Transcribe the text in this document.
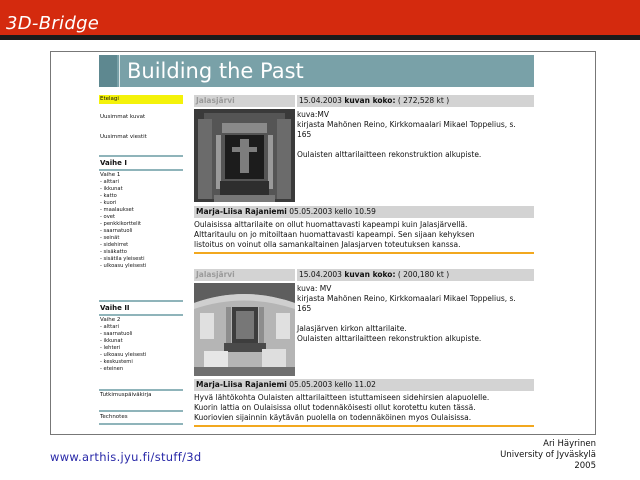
3D-Bridge
Building the Past
Etelagi
Uusimmat kuvat
Uusimmat viestit
Vaihe I
Vaihe 1
- alttari
- ikkunat
- katto
- kuori
- maalaukset
- ovet
- penkkikorttelit
- saarnatuoli
- seinät
- sidehirret
- sisäkatto
- sisätila yleisesti
- ulkoasu yleisesti
Vaihe II
Vaihe 2
- alttari
- saarnatuoli
- ikkunat
- lehteri
- ulkoasu yleisesti
- keskustemi
- eteinen
Tutkimuspäiväkirja
Technotes
Jalasjärvi	15.04.2003 kuvan koko: ( 272,528 kt )
kuva:MV
kirjasta Mahönen Reino, Kirkkomaalari Mikael Toppelius, s.
165
Oulaisten alttarilaitteen rekonstruktion alkupiste.
Marja-Liisa Rajaniemi 05.05.2003 kello 10.59
Oulaisissa alttarilaite on ollut huomattavasti kapeampi kuin Jalasjärvellä.
Alttaritaulu on jo mitoiltaan huomattavasti kapeampi. Sen sijaan kehyksen
listoitus on voinut olla samankaltainen Jalasjarven toteutuksen kanssa.
Jalasjärvi	15.04.2003 kuvan koko: ( 200,180 kt )
kuva: MV
kirjasta Mahönen Reino, Kirkkomaalari Mikael Toppelius, s.
165
Jalasjärven kirkon alttarilaite.
Oulaisten alttarilaitteen rekonstruktion alkupiste.
Marja-Liisa Rajaniemi 05.05.2003 kello 11.02
Hyvä lähtökohta Oulaisten alttarilaitteen istuttamiseen sidehirsien alapuolelle.
Kuorin lattia on Oulaisissa ollut todennäköisesti ollut korotettu kuten tässä.
Kuoriovien sijainnin käytävän puolella on todennäköinen myos Oulaisissa.
www.arthis.jyu.fi/stuff/3d
Ari Häyrinen
University of Jyväskylä
2005
